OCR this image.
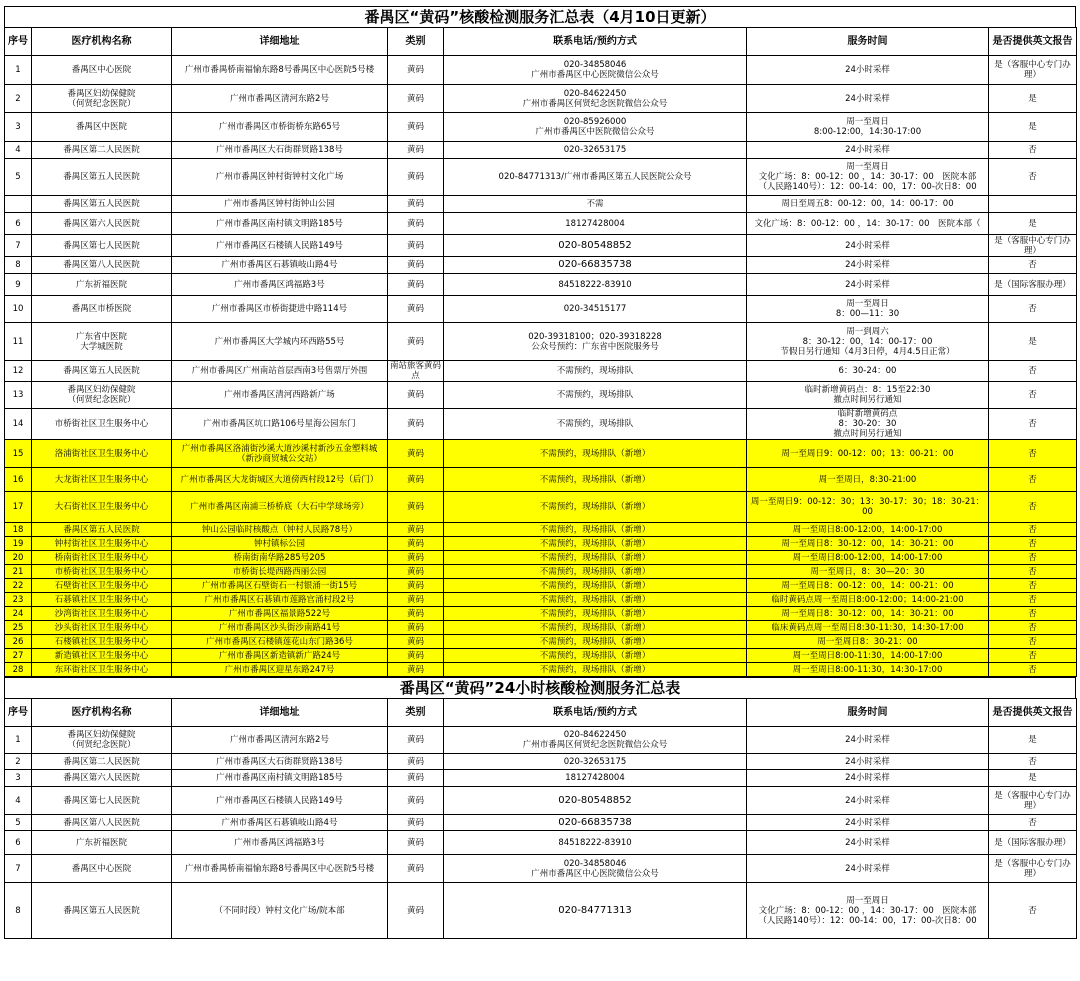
番禺区“黄码”核酸检测服务汇总表（4月10日更新）
序号	医疗机构名称	详细地址	类别	联系电话/预约方式	服务时间	是否提供英文报告
1	番禺区中心医院	广州市番禺桥南福愉东路8号番禺区中心医院5号楼	黄码	020-34858046
广州市番禺区中心医院微信公众号	24小时采样	是（客服中心专门办理）
2	番禺区妇幼保健院
（何贤纪念医院）	广州市番禺区清河东路2号	黄码	020-84622450
广州市番禺区何贤纪念医院微信公众号	24小时采样	是
3	番禺区中医院	广州市番禺区市桥街桥东路65号	黄码	020-85926000
广州市番禺区中医院微信公众号	周一至周日
8:00-12:00，14:30-17:00	是
4	番禺区第二人民医院	广州市番禺区大石街群贤路138号	黄码	020-32653175	24小时采样	否
5	番禺区第五人民医院	广州市番禺区钟村街钟村文化广场	黄码	020-84771313/广州市番禺区第五人民医院公众号	周一至周日
文化广场：8：00-12：00 ，14：30-17：00　医院本部
（人民路140号）：12：00-14：00，17：00-次日8：00	否
	番禺区第五人民医院	广州市番禺区钟村街钟山公园	黄码	不需	周日至周五8：00-12：00，14：00-17：00	
6	番禺区第六人民医院	广州市番禺区南村镇文明路185号	黄码	18127428004	文化广场：8：00-12：00 ，14：30-17：00　医院本部（	是
7	番禺区第七人民医院	广州市番禺区石楼镇人民路149号	黄码	020-80548852	24小时采样	是（客服中心专门办理）
8	番禺区第八人民医院	广州市番禺区石碁镇岐山路4号	黄码	020-66835738	24小时采样	否
9	广东祈福医院	广州市番禺区鸿福路3号	黄码	84518222-83910	24小时采样	是（国际客服办理）
10	番禺区市桥医院	广州市番禺区市桥街捷进中路114号	黄码	020-34515177	周一至周日
8：00—11：30	否
11	广东省中医院
大学城医院	广州市番禺区大学城内环西路55号	黄码	020-39318100；020-39318228
公众号预约：广东省中医院服务号	周一到周六
8：30-12：00，14：00-17：00
节假日另行通知（4月3日停，4月4.5日正常）	是
12	番禺区第五人民医院	广州市番禺区广州南站首层西南3号售票厅外围	南站旅客黄码点	不需预约，现场排队	6：30-24：00	否
13	番禺区妇幼保健院
（何贤纪念医院）	广州市番禺区清河西路新广场	黄码	不需预约，现场排队	临时新增黄码点：8：15至22:30
撤点时间另行通知	否
14	市桥街社区卫生服务中心	广州市番禺区坑口路106号星海公园东门	黄码	不需预约，现场排队	临时新增黄码点
8：30-20：30
撤点时间另行通知	否
15	洛浦街社区卫生服务中心	广州市番禺区洛浦街沙溪大道沙溪村新沙五金塑料城（新沙商贸城公交站）	黄码	不需预约，现场排队（新增）	周一至周日9：00-12：00；13：00-21：00	否
16	大龙街社区卫生服务中心	广州市番禺区大龙街城区大道傍西村段12号（后门）	黄码	不需预约，现场排队（新增）	周一至周日，8:30-21:00	否
17	大石街社区卫生服务中心	广州市番禺区南浦三桥桥底（大石中学球场旁）	黄码	不需预约，现场排队（新增）	周一至周日9：00-12：30；13：30-17：30；18：30-21：00	否
18	番禺区第五人民医院	钟山公园临时核酸点（钟村人民路78号）	黄码	不需预约，现场排队（新增）	周一至周日8:00-12:00，14:00-17:00	否
19	钟村街社区卫生服务中心	钟村镇标公园	黄码	不需预约，现场排队（新增）	周一至周日8：30-12：00，14：30-21：00	否
20	桥南街社区卫生服务中心	桥南街南华路285号205	黄码	不需预约，现场排队（新增）	周一至周日8:00-12:00，14:00-17:00	否
21	市桥街社区卫生服务中心	市桥街长堤西路西丽公园	黄码	不需预约，现场排队（新增）	周一至周日，8：30—20：30	否
22	石壁街社区卫生服务中心	广州市番禺区石壁街石一村银涌一街15号	黄码	不需预约，现场排队（新增）	周一至周日8：00-12：00，14：00-21：00	否
23	石碁镇社区卫生服务中心	广州市番禺区石碁镇市莲路官涌村段2号	黄码	不需预约，现场排队（新增）	临时黄码点周一至周日8:00-12:00；14:00-21:00	否
24	沙湾街社区卫生服务中心	广州市番禺区福景路522号	黄码	不需预约，现场排队（新增）	周一至周日8：30-12：00，14：30-21：00	否
25	沙头街社区卫生服务中心	广州市番禺区沙头街沙南路41号	黄码	不需预约，现场排队（新增）	临床黄码点周一至周日8:30-11:30，14:30-17:00	否
26	石楼镇社区卫生服务中心	广州市番禺区石楼镇莲花山东门路36号	黄码	不需预约，现场排队（新增）	周一至周日8：30-21：00	否
27	新造镇社区卫生服务中心	广州市番禺区新造镇新广路24号	黄码	不需预约，现场排队（新增）	周一至周日8:00-11:30，14:00-17:00	否
28	东环街社区卫生服务中心	广州市番禺区迎星东路247号	黄码	不需预约，现场排队（新增）	周一至周日8:00-11:30，14:30-17:00	否
番禺区“黄码”24小时核酸检测服务汇总表
序号	医疗机构名称	详细地址	类别	联系电话/预约方式	服务时间	是否提供英文报告
1	番禺区妇幼保健院
（何贤纪念医院）	广州市番禺区清河东路2号	黄码	020-84622450
广州市番禺区何贤纪念医院微信公众号	24小时采样	是
2	番禺区第二人民医院	广州市番禺区大石街群贤路138号	黄码	020-32653175	24小时采样	否
3	番禺区第六人民医院	广州市番禺区南村镇文明路185号	黄码	18127428004	24小时采样	是
4	番禺区第七人民医院	广州市番禺区石楼镇人民路149号	黄码	020-80548852	24小时采样	是（客服中心专门办理）
5	番禺区第八人民医院	广州市番禺区石碁镇岐山路4号	黄码	020-66835738	24小时采样	否
6	广东祈福医院	广州市番禺区鸿福路3号	黄码	84518222-83910	24小时采样	是（国际客服办理）
7	番禺区中心医院	广州市番禺桥南福愉东路8号番禺区中心医院5号楼	黄码	020-34858046
广州市番禺区中心医院微信公众号	24小时采样	是（客服中心专门办理）
8	番禺区第五人民医院	（不同时段）钟村文化广场/院本部	黄码	020-84771313	周一至周日
文化广场：8：00-12：00 ，14：30-17：00　医院本部
（人民路140号）：12：00-14：00，17：00-次日8：00	否
